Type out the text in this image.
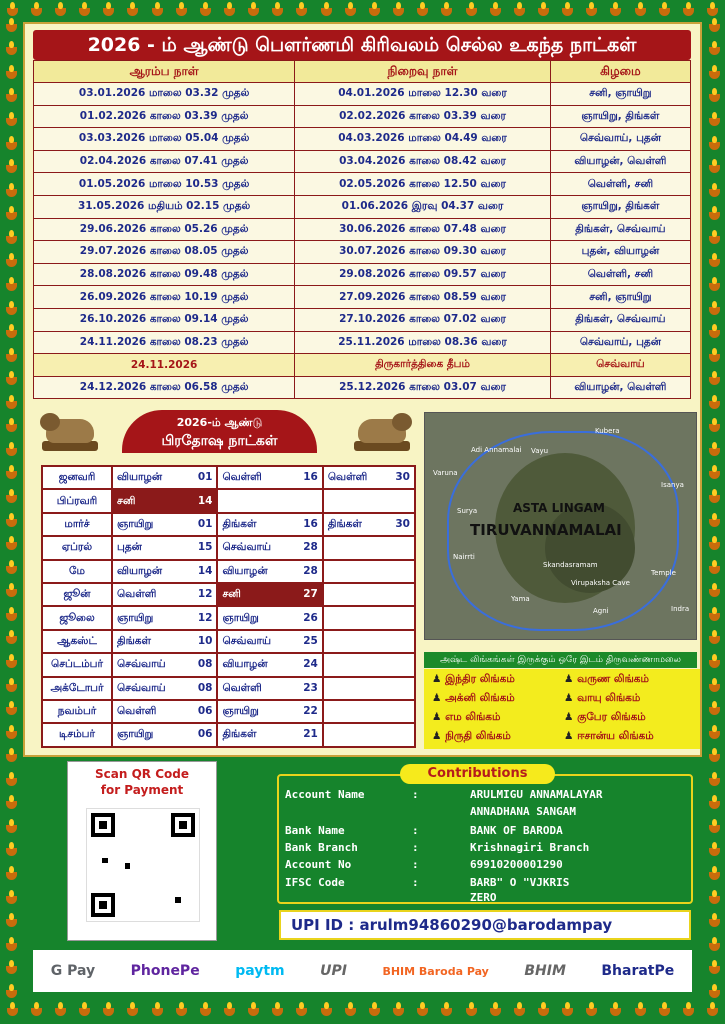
2026 - ம் ஆண்டு பௌர்ணமி கிரிவலம் செல்ல உகந்த நாட்கள்
ஆரம்ப நாள்	நிறைவு நாள்	கிழமை
03.01.2026 மாலை 03.32 முதல்	04.01.2026 மாலை 12.30 வரை	சனி, ஞாயிறு
01.02.2026 காலை 03.39 முதல்	02.02.2026 காலை 03.39 வரை	ஞாயிறு, திங்கள்
03.03.2026 மாலை 05.04 முதல்	04.03.2026 மாலை 04.49 வரை	செவ்வாய், புதன்
02.04.2026 காலை 07.41 முதல்	03.04.2026 காலை 08.42 வரை	வியாழன், வெள்ளி
01.05.2026 மாலை 10.53 முதல்	02.05.2026 காலை 12.50 வரை	வெள்ளி, சனி
31.05.2026 மதியம் 02.15 முதல்	01.06.2026 இரவு 04.37 வரை	ஞாயிறு, திங்கள்
29.06.2026 காலை 05.26 முதல்	30.06.2026 காலை 07.48 வரை	திங்கள், செவ்வாய்
29.07.2026 காலை 08.05 முதல்	30.07.2026 காலை 09.30 வரை	புதன், வியாழன்
28.08.2026 காலை 09.48 முதல்	29.08.2026 காலை 09.57 வரை	வெள்ளி, சனி
26.09.2026 காலை 10.19 முதல்	27.09.2026 காலை 08.59 வரை	சனி, ஞாயிறு
26.10.2026 காலை 09.14 முதல்	27.10.2026 காலை 07.02 வரை	திங்கள், செவ்வாய்
24.11.2026 காலை 08.23 முதல்	25.11.2026 மாலை 08.36 வரை	செவ்வாய், புதன்
24.11.2026	திருகார்த்திகை தீபம்	செவ்வாய்
24.12.2026 காலை 06.58 முதல்	25.12.2026 காலை 03.07 வரை	வியாழன், வெள்ளி
2026-ம் ஆண்டு
பிரதோஷ நாட்கள்
ஜனவரி	வியாழன் 01	வெள்ளி 16	வெள்ளி 30

பிப்ரவரி	சனி 14		

மார்ச்	ஞாயிறு 01	திங்கள் 16	திங்கள் 30

ஏப்ரல்	புதன் 15	செவ்வாய் 28	

மே	வியாழன் 14	வியாழன் 28	

ஜூன்	வெள்ளி 12	சனி 27	

ஜூலை	ஞாயிறு 12	ஞாயிறு 26	

ஆகஸ்ட்	திங்கள் 10	செவ்வாய் 25	

செப்டம்பர்	செவ்வாய் 08	வியாழன் 24	

அக்டோபர்	செவ்வாய் 08	வெள்ளி 23	

நவம்பர்	வெள்ளி 06	ஞாயிறு 22	

டிசம்பர்	ஞாயிறு 06	திங்கள் 21	

Kubera
Vayu
Adi Annamalai
Varuna
Surya
Nairrti
Yama
Agni	Indra
Temple
Skandasramam
Virupaksha Cave
Isanya
ASTA LINGAM
TIRUVANNAMALAI
அஷ்ட லிங்கங்கள் இருக்கும் ஒரே இடம் திருவண்ணாமலை
♟ இந்திர லிங்கம்	♟ வருண லிங்கம்
♟ அக்னி லிங்கம்	♟ வாயு லிங்கம்
♟ எம லிங்கம்	♟ குபேர லிங்கம்
♟ நிருதி லிங்கம்	♟ ஈசான்ய லிங்கம்
Scan QR Code
for Payment
Contributions
Account Name	:	ARULMIGU ANNAMALAYAR
ANNADHANA SANGAM
Bank Name	:	BANK OF BARODA
Bank Branch	:	Krishnagiri Branch
Account No	:	69910200001290
IFSC Code	:	BARB" O "VJKRIS
ZERO
UPI ID : arulm94860290@barodampay
G Pay	PhonePe	paytm	UPI	BHIM Baroda Pay	BHIM	BharatPe
